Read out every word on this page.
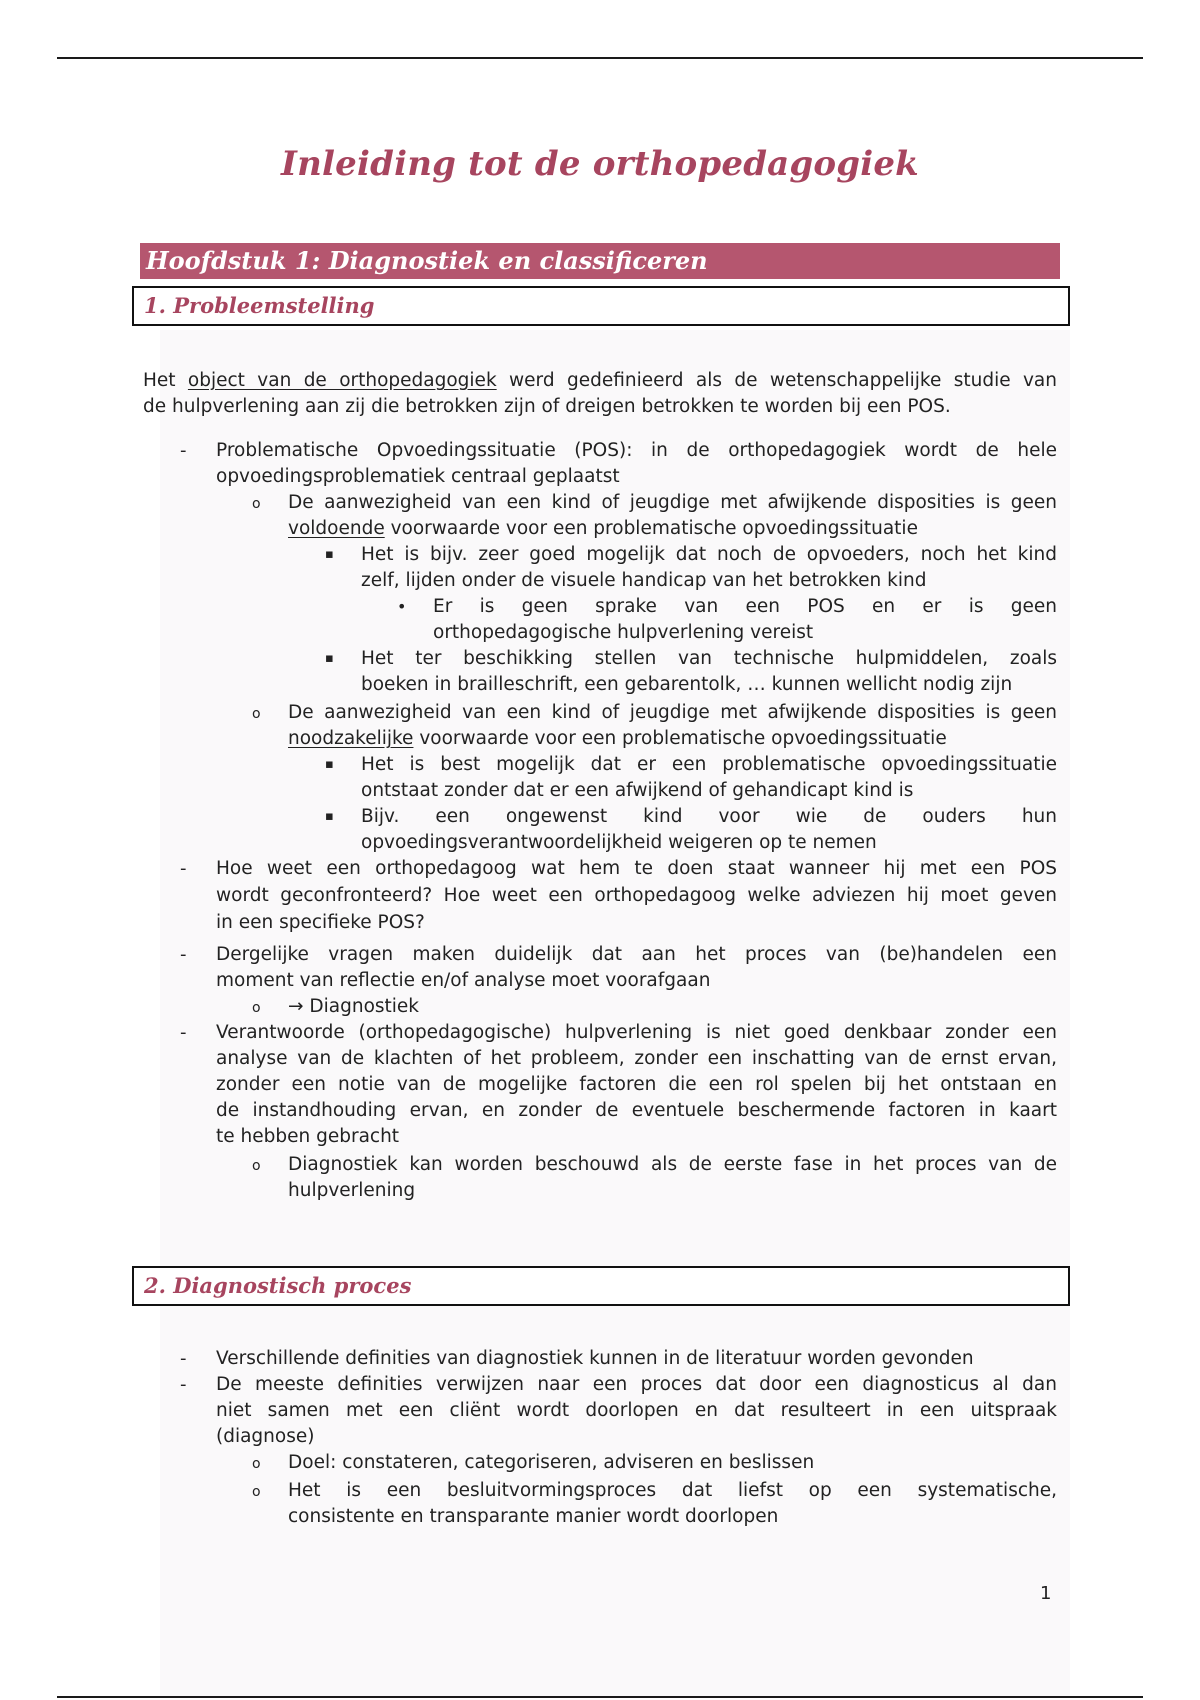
Inleiding tot de orthopedagogiek
Hoofdstuk 1: Diagnostiek en classificeren
1. Probleemstelling

Het object van de orthopedagogiek werd gedefinieerd als de wetenschappelijke studie van

de hulpverlening aan zij die betrokken zijn of dreigen betrokken te worden bij een POS.

- Problematische Opvoedingssituatie (POS): in de orthopedagogiek wordt de hele

opvoedingsproblematiek centraal geplaatst

o De aanwezigheid van een kind of jeugdige met afwijkende disposities is geen

voldoende voorwaarde voor een problematische opvoedingssituatie

▪ Het is bijv. zeer goed mogelijk dat noch de opvoeders, noch het kind

zelf, lijden onder de visuele handicap van het betrokken kind

• Er is geen sprake van een POS en er is geen

orthopedagogische hulpverlening vereist

▪ Het ter beschikking stellen van technische hulpmiddelen, zoals

boeken in brailleschrift, een gebarentolk, … kunnen wellicht nodig zijn

o De aanwezigheid van een kind of jeugdige met afwijkende disposities is geen

noodzakelijke voorwaarde voor een problematische opvoedingssituatie

▪ Het is best mogelijk dat er een problematische opvoedingssituatie

ontstaat zonder dat er een afwijkend of gehandicapt kind is

▪ Bijv. een ongewenst kind voor wie de ouders hun

opvoedingsverantwoordelijkheid weigeren op te nemen

- Hoe weet een orthopedagoog wat hem te doen staat wanneer hij met een POS

wordt geconfronteerd? Hoe weet een orthopedagoog welke adviezen hij moet geven

in een specifieke POS?

- Dergelijke vragen maken duidelijk dat aan het proces van (be)handelen een

moment van reflectie en/of analyse moet voorafgaan

o → Diagnostiek

- Verantwoorde (orthopedagogische) hulpverlening is niet goed denkbaar zonder een

analyse van de klachten of het probleem, zonder een inschatting van de ernst ervan,

zonder een notie van de mogelijke factoren die een rol spelen bij het ontstaan en

de instandhouding ervan, en zonder de eventuele beschermende factoren in kaart

te hebben gebracht

o Diagnostiek kan worden beschouwd als de eerste fase in het proces van de

hulpverlening

2. Diagnostisch proces
- Verschillende definities van diagnostiek kunnen in de literatuur worden gevonden

- De meeste definities verwijzen naar een proces dat door een diagnosticus al dan

niet samen met een cliënt wordt doorlopen en dat resulteert in een uitspraak

(diagnose)

o Doel: constateren, categoriseren, adviseren en beslissen

o Het is een besluitvormingsproces dat liefst op een systematische,

consistente en transparante manier wordt doorlopen

1
